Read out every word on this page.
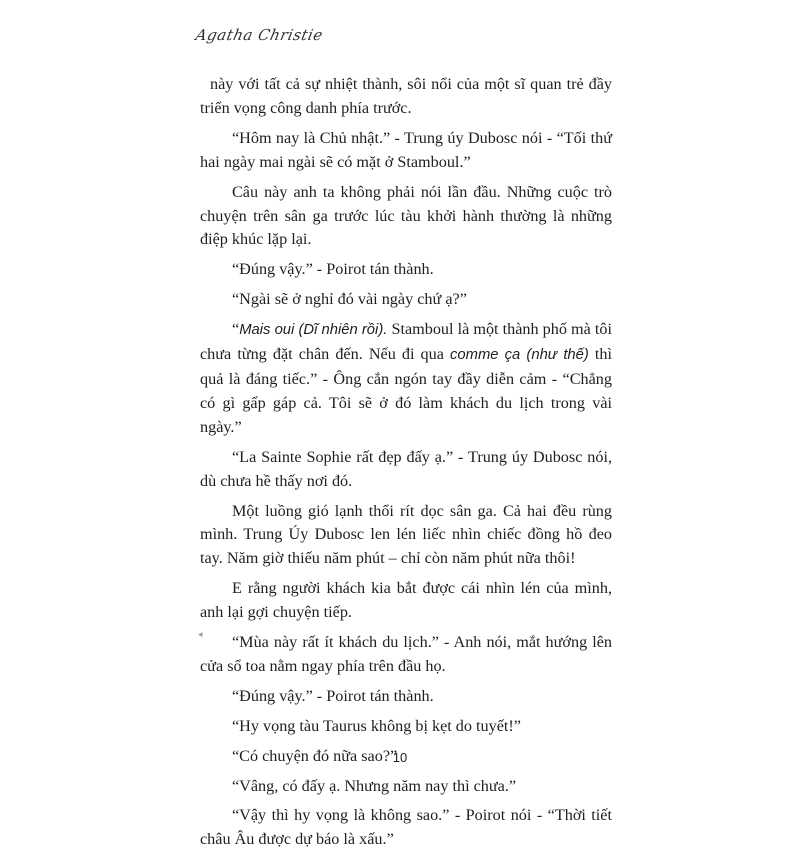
Agatha Christie

này với tất cả sự nhiệt thành, sôi nổi của một sĩ quan trẻ đầy triển vọng công danh phía trước.

“Hôm nay là Chủ nhật.” - Trung úy Dubosc nói - “Tối thứ hai ngày mai ngài sẽ có mặt ở Stamboul.”

Câu này anh ta không phải nói lần đầu. Những cuộc trò chuyện trên sân ga trước lúc tàu khởi hành thường là những điệp khúc lặp lại.

“Đúng vậy.” - Poirot tán thành.

“Ngài sẽ ở nghỉ đó vài ngày chứ ạ?”

“Mais oui (Dĩ nhiên rồi). Stamboul là một thành phố mà tôi chưa từng đặt chân đến. Nếu đi qua comme ça (như thế) thì quả là đáng tiếc.” - Ông cắn ngón tay đầy diễn cảm - “Chẳng có gì gấp gáp cả. Tôi sẽ ở đó làm khách du lịch trong vài ngày.”

“La Sainte Sophie rất đẹp đấy ạ.” - Trung úy Dubosc nói, dù chưa hề thấy nơi đó.

Một luồng gió lạnh thổi rít dọc sân ga. Cả hai đều rùng mình. Trung Úy Dubosc len lén liếc nhìn chiếc đồng hồ đeo tay. Năm giờ thiếu năm phút – chỉ còn năm phút nữa thôi!

E rằng người khách kia bắt được cái nhìn lén của mình, anh lại gợi chuyện tiếp.

“Mùa này rất ít khách du lịch.” - Anh nói, mắt hướng lên cửa sổ toa nằm ngay phía trên đầu họ.

“Đúng vậy.” - Poirot tán thành.

“Hy vọng tàu Taurus không bị kẹt do tuyết!”

“Có chuyện đó nữa sao?”

“Vâng, có đấy ạ. Nhưng năm nay thì chưa.”

“Vậy thì hy vọng là không sao.” - Poirot nói - “Thời tiết châu Âu được dự báo là xấu.”

◂
10
